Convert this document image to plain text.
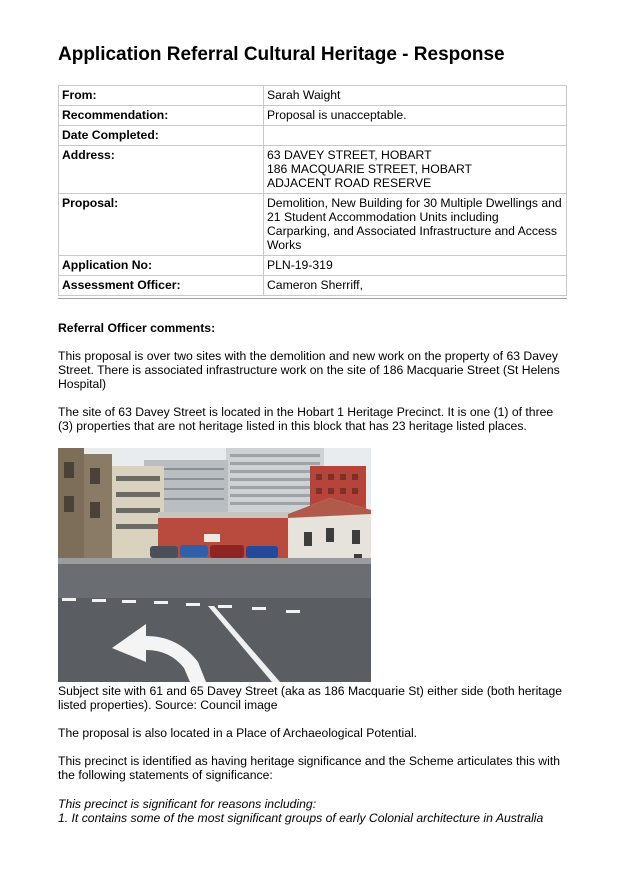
Application Referral Cultural Heritage - Response
From:	Sarah Waight
Recommendation:	Proposal is unacceptable.
Date Completed:	
Address:	63 DAVEY STREET, HOBART
186 MACQUARIE STREET, HOBART
ADJACENT ROAD RESERVE
Proposal:	Demolition, New Building for 30 Multiple Dwellings and 21 Student Accommodation Units including Carparking, and Associated Infrastructure and Access Works
Application No:	PLN-19-319
Assessment Officer:	Cameron Sherriff,

Referral Officer comments:

This proposal is over two sites with the demolition and new work on the property of 63 Davey Street. There is associated infrastructure work on the site of 186 Macquarie Street (St Helens Hospital)

The site of 63 Davey Street is located in the Hobart 1 Heritage Precinct. It is one (1) of three (3) properties that are not heritage listed in this block that has 23 heritage listed places.

Subject site with 61 and 65 Davey Street (aka as 186 Macquarie St) either side (both heritage listed properties). Source: Council image

The proposal is also located in a Place of Archaeological Potential.

This precinct is identified as having heritage significance and the Scheme articulates this with the following statements of significance:

This precinct is significant for reasons including:

1. It contains some of the most significant groups of early Colonial architecture in Australia
